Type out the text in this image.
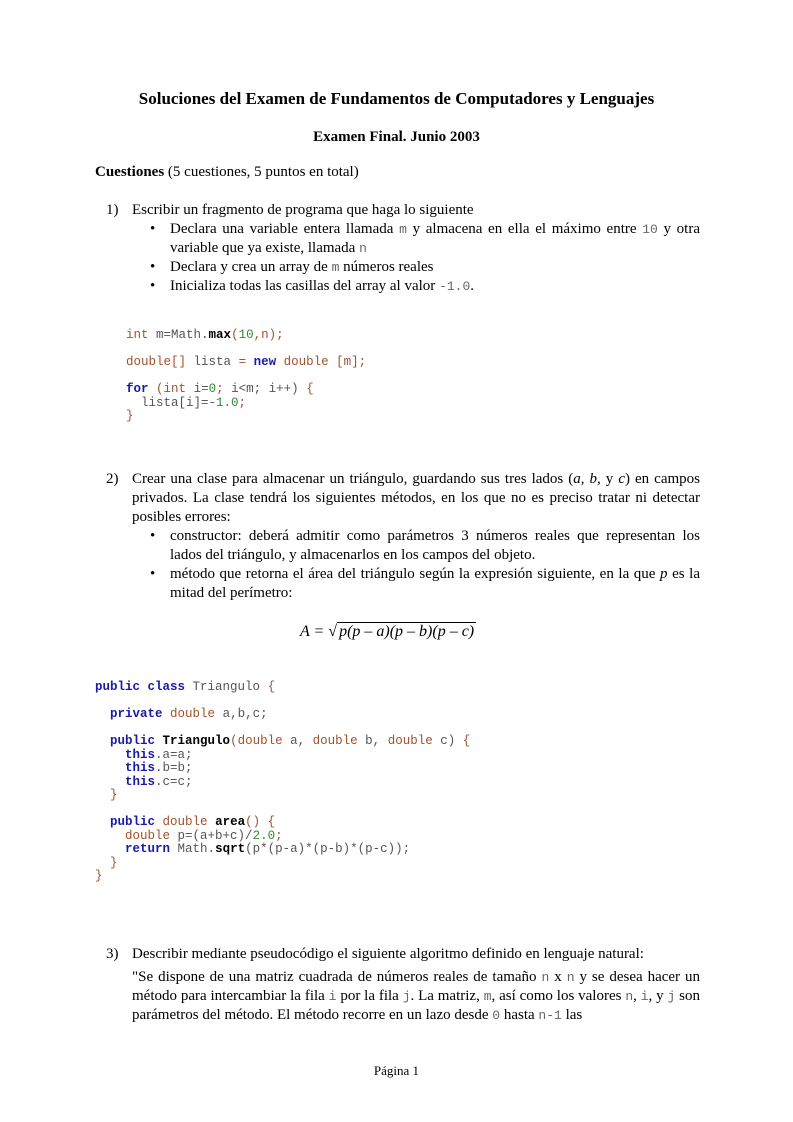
Soluciones del Examen de Fundamentos de Computadores y Lenguajes
Examen Final. Junio 2003
Cuestiones (5 cuestiones, 5 puntos en total)
1) Escribir un fragmento de programa que haga lo siguiente
• Declara una variable entera llamada m y almacena en ella el máximo entre 10 y otra variable que ya existe, llamada n
• Declara y crea un array de m números reales
• Inicializa todas las casillas del array al valor -1.0.
int m=Math.max(10,n);

double[] lista = new double [m];

for (int i=0; i<m; i++) {
lista[i]=-1.0;
}
2) Crear una clase para almacenar un triángulo, guardando sus tres lados (a, b, y c) en campos privados. La clase tendrá los siguientes métodos, en los que no es preciso tratar ni detectar posibles errores:
• constructor: deberá admitir como parámetros 3 números reales que representan los lados del triángulo, y almacenarlos en los campos del objeto.
• método que retorna el área del triángulo según la expresión siguiente, en la que p es la mitad del perímetro:
A = √ p(p – a)(p – b)(p – c)
public class Triangulo {

private double a,b,c;

public Triangulo(double a, double b, double c) {
this.a=a;
this.b=b;
this.c=c;
}

public double area() {
double p=(a+b+c)/2.0;
return Math.sqrt(p*(p-a)*(p-b)*(p-c));
}
}
3) Describir mediante pseudocódigo el siguiente algoritmo definido en lenguaje natural:
"Se dispone de una matriz cuadrada de números reales de tamaño n x n y se desea hacer un método para intercambiar la fila i por la fila j. La matriz, m, así como los valores n, i, y j son parámetros del método. El método recorre en un lazo desde 0 hasta n-1 las
Página 1
